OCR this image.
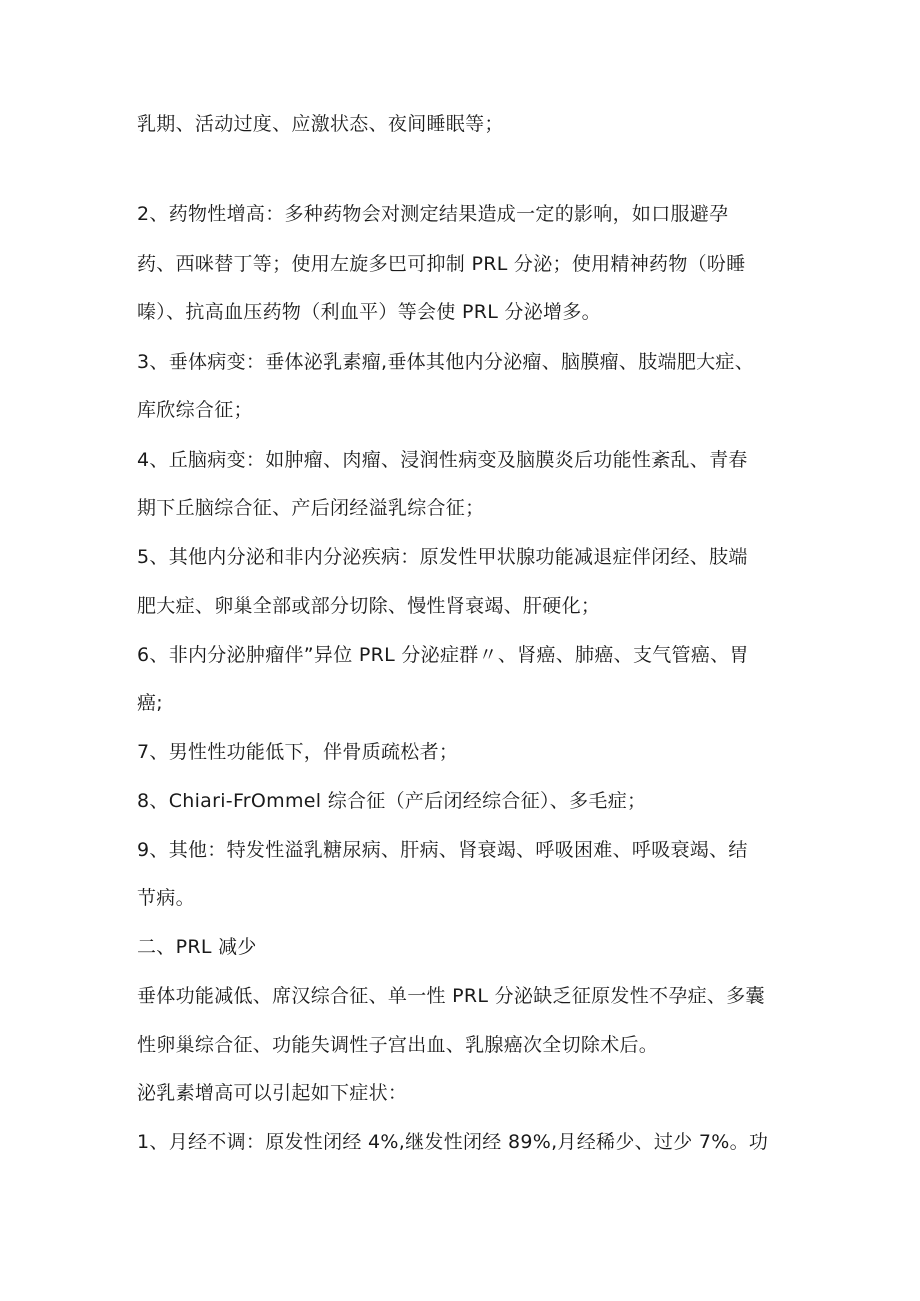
乳期、活动过度、应激状态、夜间睡眠等；
2、药物性增高：多种药物会对测定结果造成一定的影响，如口服避孕
药、西咪替丁等；使用左旋多巴可抑制 PRL 分泌；使用精神药物（吩睡
嗪）、抗高血压药物（利血平）等会使 PRL 分泌增多。
3、垂体病变：垂体泌乳素瘤,垂体其他内分泌瘤、脑膜瘤、肢端肥大症、
库欣综合征；
4、丘脑病变：如肿瘤、肉瘤、浸润性病变及脑膜炎后功能性紊乱、青春
期下丘脑综合征、产后闭经溢乳综合征；
5、其他内分泌和非内分泌疾病：原发性甲状腺功能减退症伴闭经、肢端
肥大症、卵巢全部或部分切除、慢性肾衰竭、肝硬化；
6、非内分泌肿瘤伴”异位 PRL 分泌症群〃、肾癌、肺癌、支气管癌、胃
癌;
7、男性性功能低下，伴骨质疏松者；
8、Chiari-FrOmmel 综合征（产后闭经综合征）、多毛症；
9、其他：特发性溢乳糖尿病、肝病、肾衰竭、呼吸困难、呼吸衰竭、结
节病。
二、PRL 减少
垂体功能减低、席汉综合征、单一性 PRL 分泌缺乏征原发性不孕症、多囊
性卵巢综合征、功能失调性子宫出血、乳腺癌次全切除术后。
泌乳素增高可以引起如下症状：
1、月经不调：原发性闭经 4%,继发性闭经 89%,月经稀少、过少 7%。功
